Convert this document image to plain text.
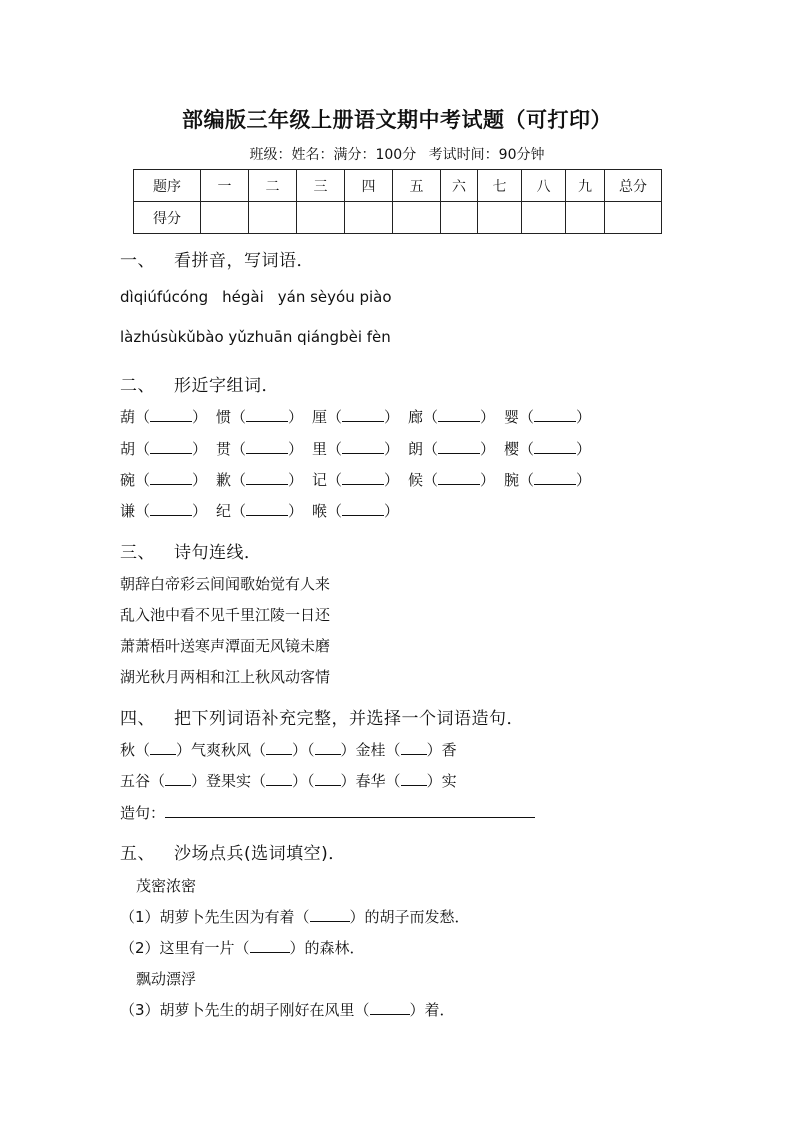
部编版三年级上册语文期中考试题（可打印）
班级：姓名：满分：100分 考试时间：90分钟
题序	一	二	三	四	五	六	七	八	九	总分
得分										
一、 看拼音，写词语．
dìqiúfúcóng hégài yán sèyóu piào
làzhúsùkǔbào yǔzhuān qiángbèi fèn
二、 形近字组词．
葫（	） 惯（	） 厘（	） 廊（	） 婴（	）
胡（	） 贯（	） 里（	） 朗（	） 樱（	）
碗（	） 歉（	） 记（	） 候（	） 腕（	）
谦（	） 纪（	） 喉（	）
三、 诗句连线．
朝辞白帝彩云间闻歌始觉有人来
乱入池中看不见千里江陵一日还
萧萧梧叶送寒声潭面无风镜未磨
湖光秋月两相和江上秋风动客情
四、 把下列词语补充完整，并选择一个词语造句．
秋（ ）气爽秋风（ ）（ ）金桂（ ）香
五谷（ ）登果实（ ）（ ）春华（ ）实
造句：
五、 沙场点兵(选词填空)．
茂密浓密
（1）胡萝卜先生因为有着（	）的胡子而发愁．
（2）这里有一片（	）的森林．
飘动漂浮
（3）胡萝卜先生的胡子刚好在风里（	）着．
